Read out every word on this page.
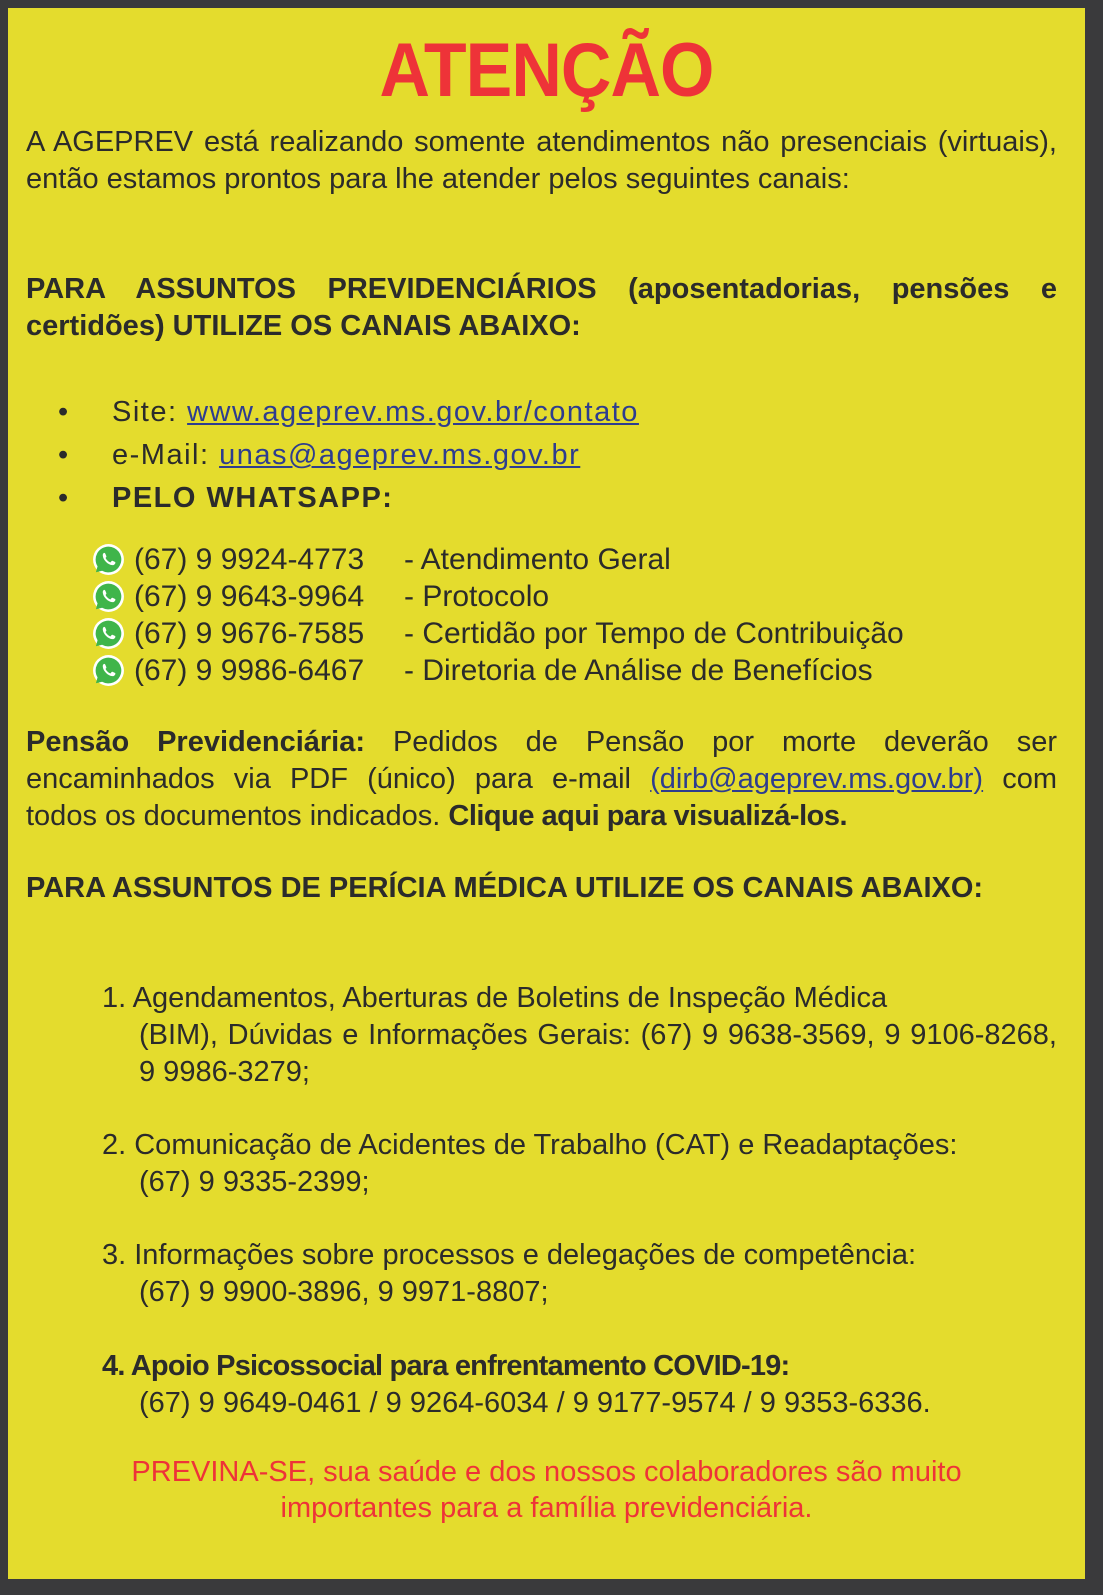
ATENÇÃO
A AGEPREV está realizando somente atendimentos não presenciais (virtuais), então estamos prontos para lhe atender pelos seguintes canais:
PARA ASSUNTOS PREVIDENCIÁRIOS (aposentadorias, pensões e certidões) UTILIZE OS CANAIS ABAIXO:
•	Site: www.ageprev.ms.gov.br/contato
•	e-Mail: unas@ageprev.ms.gov.br
•	PELO WHATSAPP:
(67) 9 9924-4773 - Atendimento Geral
(67) 9 9643-9964 - Protocolo
(67) 9 9676-7585 - Certidão por Tempo de Contribuição
(67) 9 9986-6467 - Diretoria de Análise de Benefícios
Pensão Previdenciária: Pedidos de Pensão por morte deverão ser encaminhados via PDF (único) para e-mail (dirb@ageprev.ms.gov.br) com todos os documentos indicados. Clique aqui para visualizá-los.
PARA ASSUNTOS DE PERÍCIA MÉDICA UTILIZE OS CANAIS ABAIXO:
1. Agendamentos, Aberturas de Boletins de Inspeção Médica
(BIM), Dúvidas e Informações Gerais: (67) 9 9638-3569, 9 9106-8268, 9 9986-3279;
2. Comunicação de Acidentes de Trabalho (CAT) e Readaptações:
(67) 9 9335-2399;
3. Informações sobre processos e delegações de competência:
(67) 9 9900-3896, 9 9971-8807;
4. Apoio Psicossocial para enfrentamento COVID-19:
(67) 9 9649-0461 / 9 9264-6034 / 9 9177-9574 / 9 9353-6336.
PREVINA-SE, sua saúde e dos nossos colaboradores são muito
importantes para a família previdenciária.
